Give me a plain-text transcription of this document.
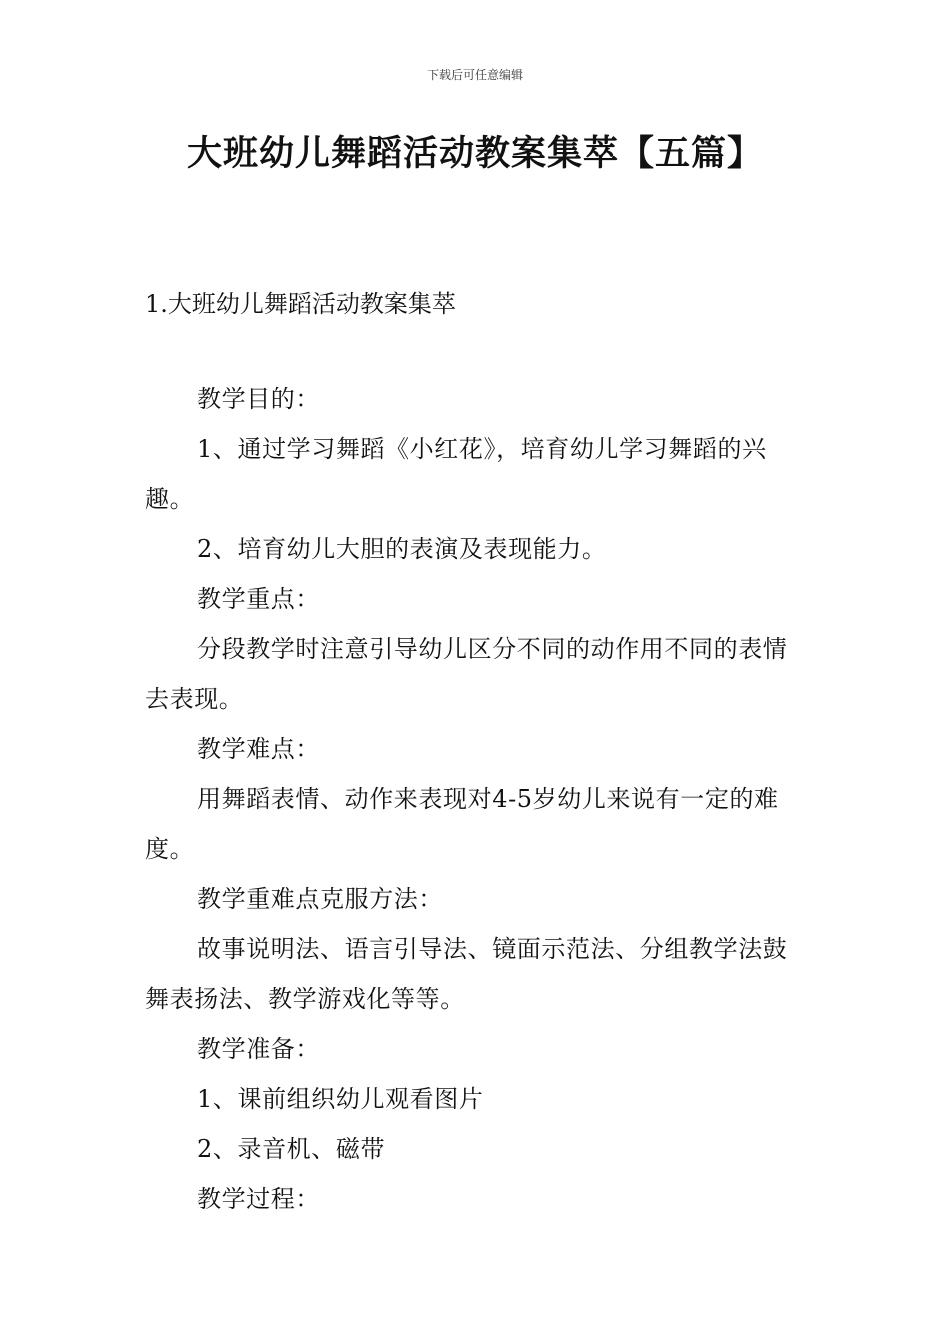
下载后可任意编辑
大班幼儿舞蹈活动教案集萃【五篇】
1.大班幼儿舞蹈活动教案集萃

教学目的：

1、通过学习舞蹈《小红花》，培育幼儿学习舞蹈的兴趣。

2、培育幼儿大胆的表演及表现能力。

教学重点：

分段教学时注意引导幼儿区分不同的动作用不同的表情去表现。

教学难点：

用舞蹈表情、动作来表现对4-5岁幼儿来说有一定的难度。

教学重难点克服方法：

故事说明法、语言引导法、镜面示范法、分组教学法鼓舞表扬法、教学游戏化等等。

教学准备：

1、课前组织幼儿观看图片

2、录音机、磁带

教学过程：
